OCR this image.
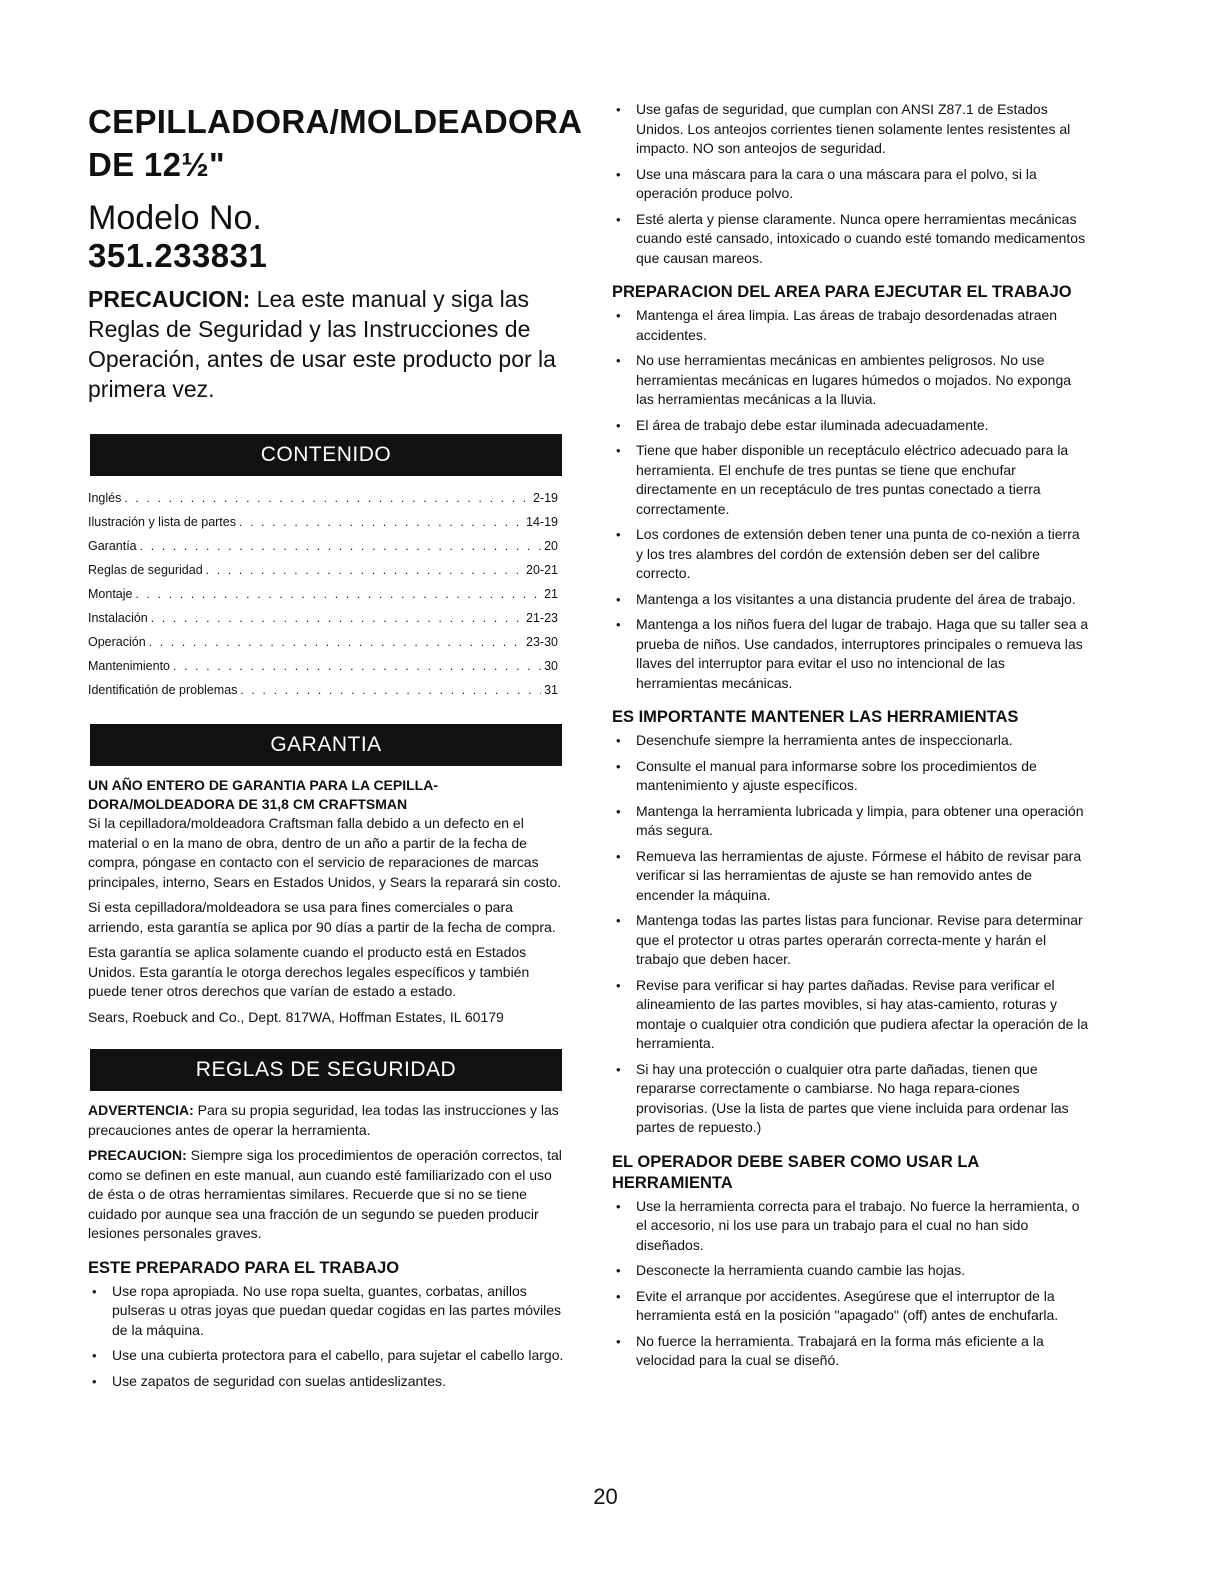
CEPILLADORA/MOLDEADORA
DE 12½"
Modelo No.
351.233831
PRECAUCION: Lea este manual y siga las Reglas de Seguridad y las Instrucciones de Operación, antes de usar este producto por la primera vez.
CONTENIDO
Inglés . . .	2-19
Ilustración y lista de partes . . .	14-19
Garantía . . .	20
Reglas de seguridad . . .	20-21
Montaje . . .	21
Instalación . . .	21-23
Operación . . .	23-30
Mantenimiento . . .	30
Identificatión de problemas . . .	31
GARANTIA
UN AÑO ENTERO DE GARANTIA PARA LA CEPILLA-DORA/MOLDEADORA DE 31,8 CM CRAFTSMAN

Si la cepilladora/moldeadora Craftsman falla debido a un defecto en el material o en la mano de obra, dentro de un año a partir de la fecha de compra, póngase en contacto con el servicio de reparaciones de marcas principales, interno, Sears en Estados Unidos, y Sears la reparará sin costo.

Si esta cepilladora/moldeadora se usa para fines comerciales o para arriendo, esta garantía se aplica por 90 días a partir de la fecha de compra.

Esta garantía se aplica solamente cuando el producto está en Estados Unidos. Esta garantía le otorga derechos legales específicos y también puede tener otros derechos que varían de estado a estado.

Sears, Roebuck and Co., Dept. 817WA, Hoffman Estates, IL 60179

REGLAS DE SEGURIDAD

ADVERTENCIA: Para su propia seguridad, lea todas las instrucciones y las precauciones antes de operar la herramienta.

PRECAUCION: Siempre siga los procedimientos de operación correctos, tal como se definen en este manual, aun cuando esté familiarizado con el uso de ésta o de otras herramientas similares. Recuerde que si no se tiene cuidado por aunque sea una fracción de un segundo se pueden producir lesiones personales graves.

ESTE PREPARADO PARA EL TRABAJO
• Use ropa apropiada. No use ropa suelta, guantes, corbatas, anillos pulseras u otras joyas que puedan quedar cogidas en las partes móviles de la máquina.
• Use una cubierta protectora para el cabello, para sujetar el cabello largo.
• Use zapatos de seguridad con suelas antideslizantes.
• Use gafas de seguridad, que cumplan con ANSI Z87.1 de Estados Unidos. Los anteojos corrientes tienen solamente lentes resistentes al impacto. NO son anteojos de seguridad.
• Use una máscara para la cara o una máscara para el polvo, si la operación produce polvo.
• Esté alerta y piense claramente. Nunca opere herramientas mecánicas cuando esté cansado, intoxicado o cuando esté tomando medicamentos que causan mareos.
PREPARACION DEL AREA PARA EJECUTAR EL TRABAJO
• Mantenga el área limpia. Las áreas de trabajo desordenadas atraen accidentes.
• No use herramientas mecánicas en ambientes peligrosos. No use herramientas mecánicas en lugares húmedos o mojados. No exponga las herramientas mecánicas a la lluvia.
• El área de trabajo debe estar iluminada adecuadamente.
• Tiene que haber disponible un receptáculo eléctrico adecuado para la herramienta. El enchufe de tres puntas se tiene que enchufar directamente en un receptáculo de tres puntas conectado a tierra correctamente.
• Los cordones de extensión deben tener una punta de co-nexión a tierra y los tres alambres del cordón de extensión deben ser del calibre correcto.
• Mantenga a los visitantes a una distancia prudente del área de trabajo.
• Mantenga a los niños fuera del lugar de trabajo. Haga que su taller sea a prueba de niños. Use candados, interruptores principales o remueva las llaves del interruptor para evitar el uso no intencional de las herramientas mecánicas.
ES IMPORTANTE MANTENER LAS HERRAMIENTAS
• Desenchufe siempre la herramienta antes de inspeccionarla.
• Consulte el manual para informarse sobre los procedimientos de mantenimiento y ajuste específicos.
• Mantenga la herramienta lubricada y limpia, para obtener una operación más segura.
• Remueva las herramientas de ajuste. Fórmese el hábito de revisar para verificar si las herramientas de ajuste se han removido antes de encender la máquina.
• Mantenga todas las partes listas para funcionar. Revise para determinar que el protector u otras partes operarán correcta-mente y harán el trabajo que deben hacer.
• Revise para verificar si hay partes dañadas. Revise para verificar el alineamiento de las partes movibles, si hay atas-camiento, roturas y montaje o cualquier otra condición que pudiera afectar la operación de la herramienta.
• Si hay una protección o cualquier otra parte dañadas, tienen que repararse correctamente o cambiarse. No haga repara-ciones provisorias. (Use la lista de partes que viene incluida para ordenar las partes de repuesto.)
EL OPERADOR DEBE SABER COMO USAR LA HERRAMIENTA
• Use la herramienta correcta para el trabajo. No fuerce la herramienta, o el accesorio, ni los use para un trabajo para el cual no han sido diseñados.
• Desconecte la herramienta cuando cambie las hojas.
• Evite el arranque por accidentes. Asegúrese que el interruptor de la herramienta está en la posición "apagado" (off) antes de enchufarla.
• No fuerce la herramienta. Trabajará en la forma más eficiente a la velocidad para la cual se diseñó.
20
